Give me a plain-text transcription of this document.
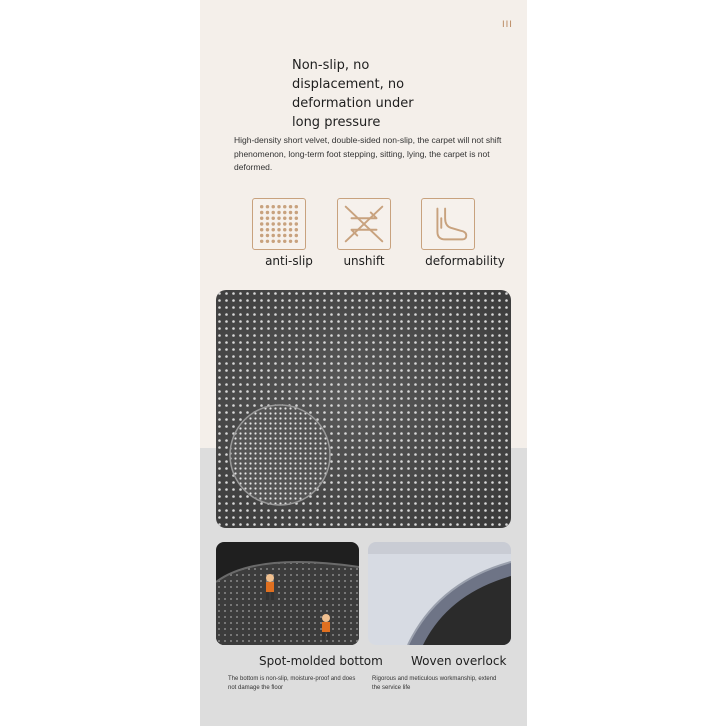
III
Non-slip, no displacement, no deformation under long pressure
High-density short velvet, double-sided non-slip, the carpet will not shift phenomenon, long-term foot stepping, sitting, lying, the carpet is not deformed.
anti-slip	unshift	deformability
Spot-molded bottom
The bottom is non-slip, moisture-proof and does not damage the floor
Woven overlock
Rigorous and meticulous workmanship, extend the service life
